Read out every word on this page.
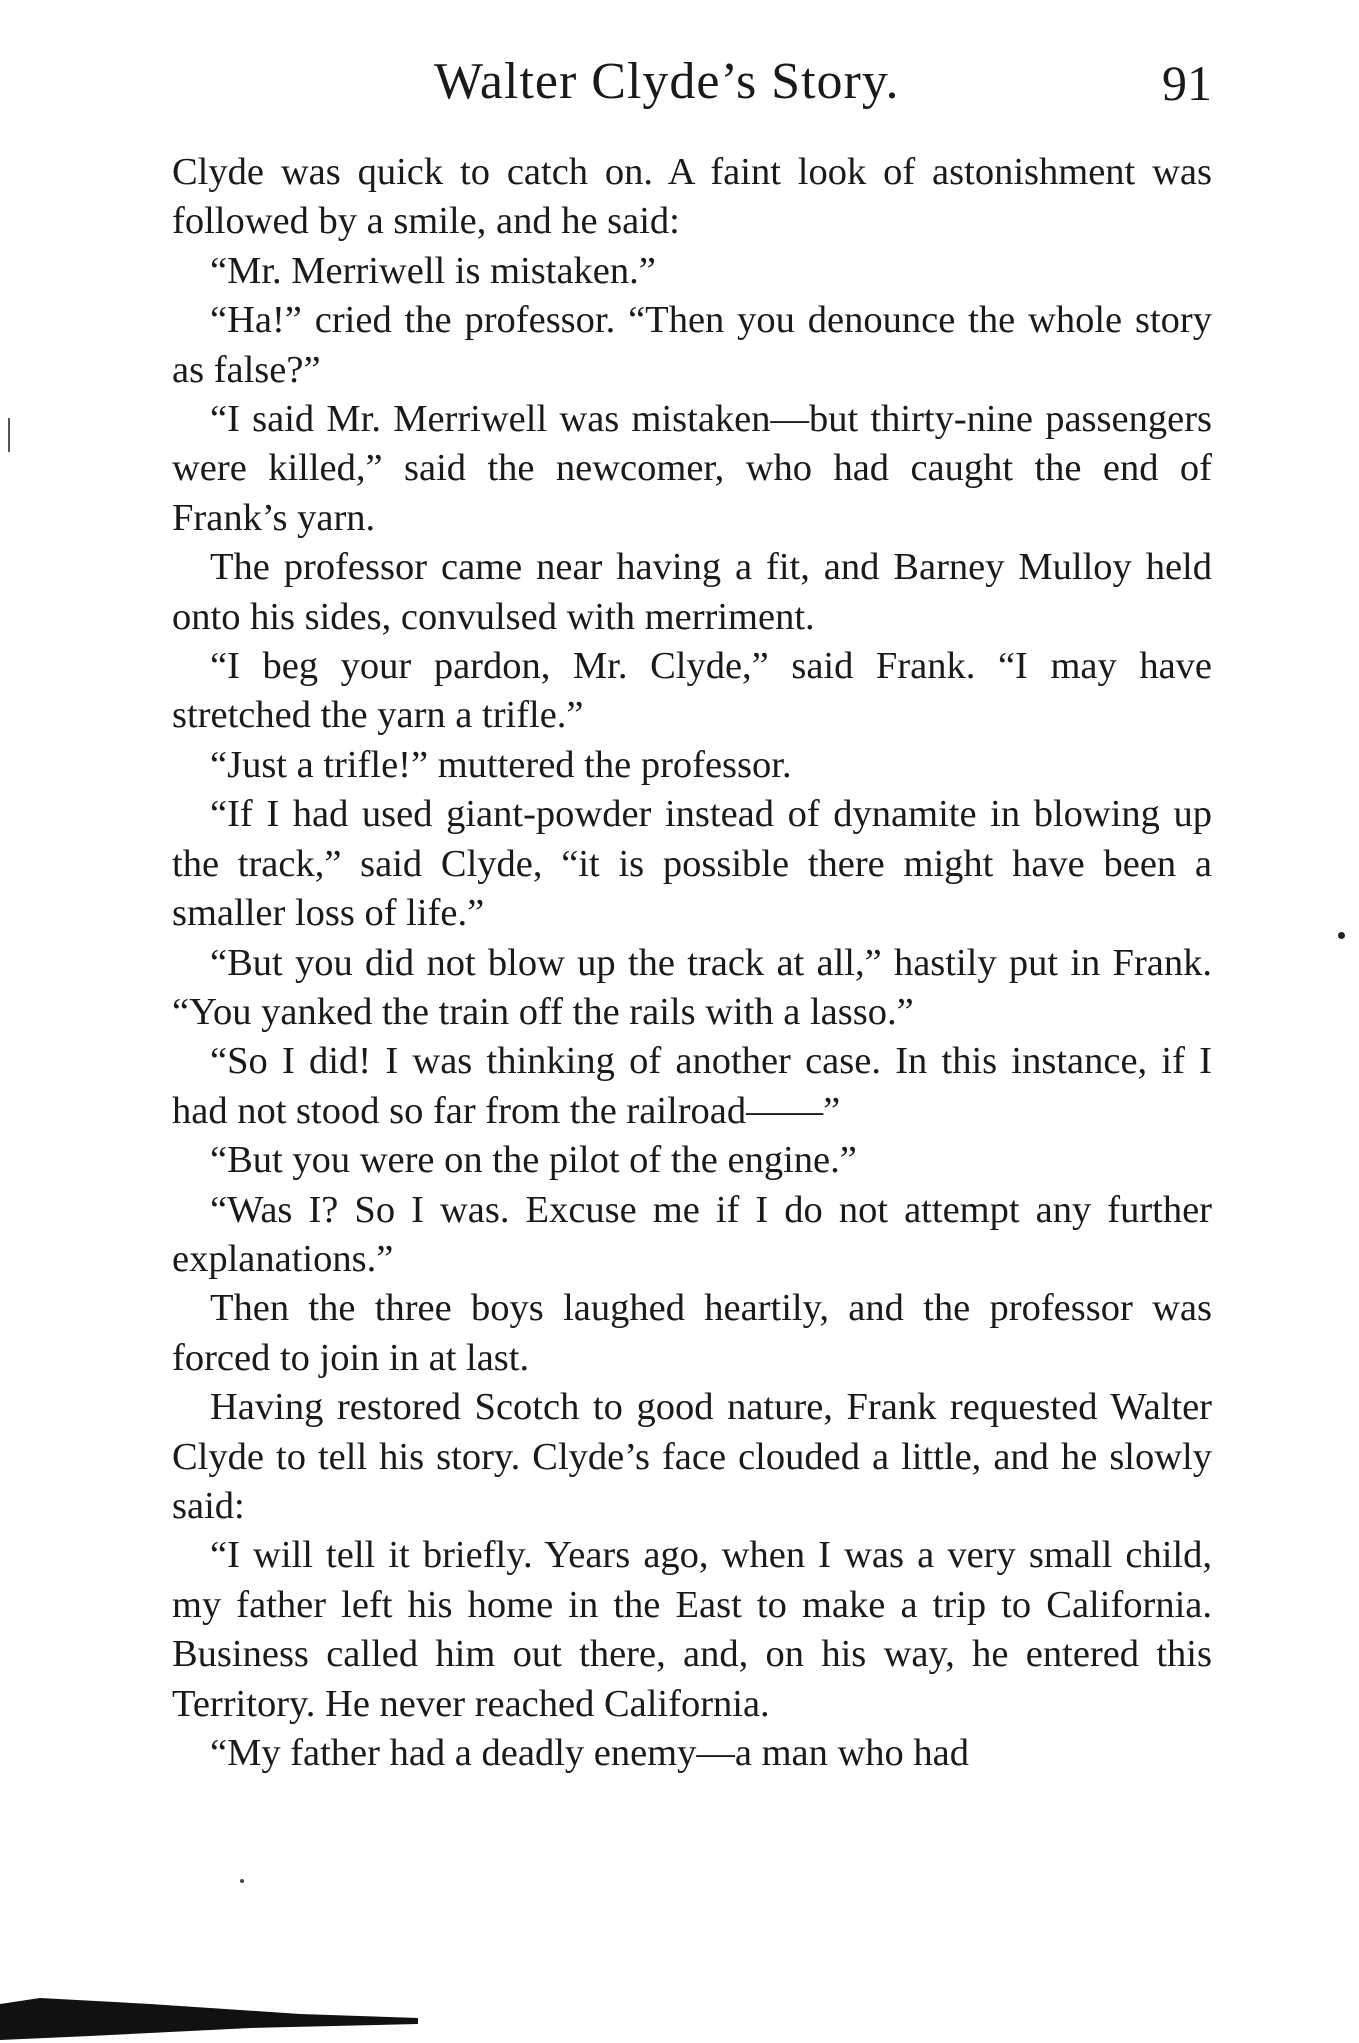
Walter Clyde’s Story.	91

Clyde was quick to catch on. A faint look of astonishment was followed by a smile, and he said:

“Mr. Merriwell is mistaken.”

“Ha!” cried the professor. “Then you denounce the whole story as false?”

“I said Mr. Merriwell was mistaken—but thirty-nine passengers were killed,” said the newcomer, who had caught the end of Frank’s yarn.

The professor came near having a fit, and Barney Mulloy held onto his sides, convulsed with merriment.

“I beg your pardon, Mr. Clyde,” said Frank. “I may have stretched the yarn a trifle.”

“Just a trifle!” muttered the professor.

“If I had used giant-powder instead of dynamite in blowing up the track,” said Clyde, “it is possible there might have been a smaller loss of life.”

“But you did not blow up the track at all,” hastily put in Frank. “You yanked the train off the rails with a lasso.”

“So I did! I was thinking of another case. In this instance, if I had not stood so far from the railroad——”

“But you were on the pilot of the engine.”

“Was I? So I was. Excuse me if I do not attempt any further explanations.”

Then the three boys laughed heartily, and the professor was forced to join in at last.

Having restored Scotch to good nature, Frank requested Walter Clyde to tell his story. Clyde’s face clouded a little, and he slowly said:

“I will tell it briefly. Years ago, when I was a very small child, my father left his home in the East to make a trip to California. Business called him out there, and, on his way, he entered this Territory. He never reached California.

“My father had a deadly enemy—a man who had
